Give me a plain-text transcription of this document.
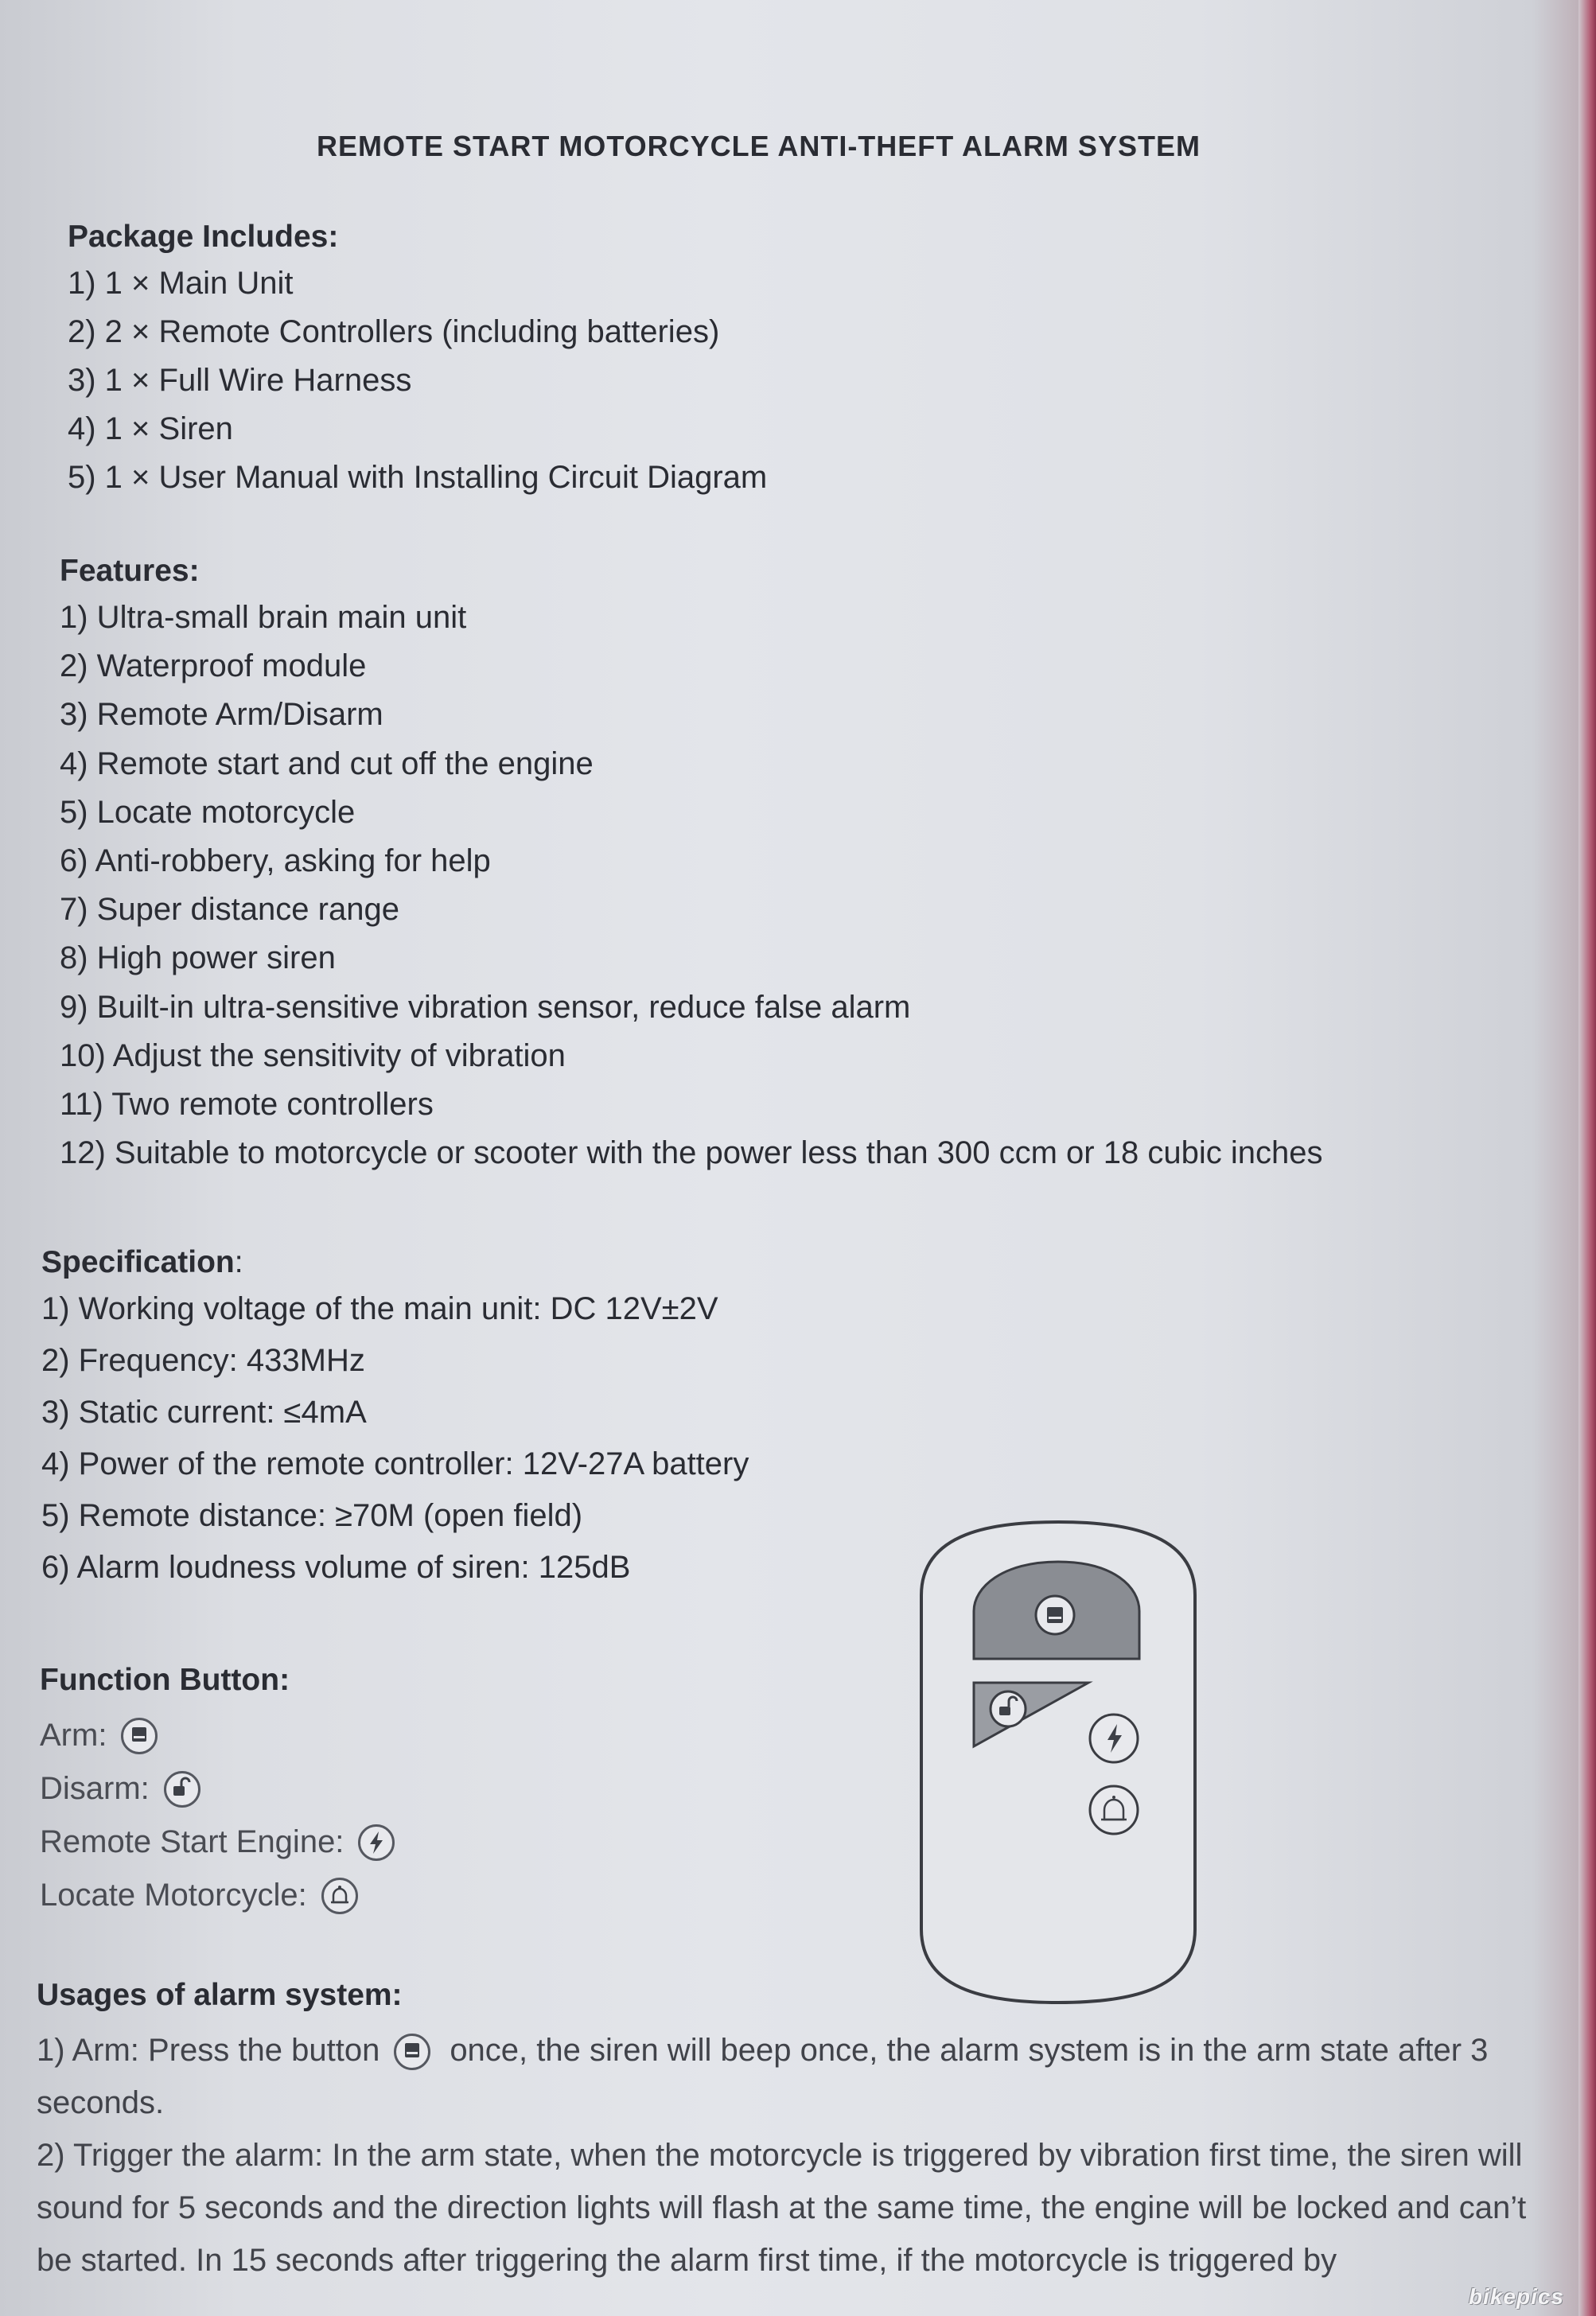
REMOTE START MOTORCYCLE ANTI-THEFT ALARM SYSTEM
Package Includes:
1) 1 × Main Unit
2) 2 × Remote Controllers (including batteries)
3) 1 × Full Wire Harness
4) 1 × Siren
5) 1 × User Manual with Installing Circuit Diagram
Features:
1) Ultra-small brain main unit
2) Waterproof module
3) Remote Arm/Disarm
4) Remote start and cut off the engine
5) Locate motorcycle
6) Anti-robbery, asking for help
7) Super distance range
8) High power siren
9) Built-in ultra-sensitive vibration sensor, reduce false alarm
10) Adjust the sensitivity of vibration
11) Two remote controllers
12) Suitable to motorcycle or scooter with the power less than 300 ccm or 18 cubic inches
Specification:
1) Working voltage of the main unit: DC 12V±2V
2) Frequency: 433MHz
3) Static current: ≤4mA
4) Power of the remote controller: 12V-27A battery
5) Remote distance: ≥70M (open field)
6) Alarm loudness volume of siren: 125dB
Function Button:
Arm:
Disarm:
Remote Start Engine:
Locate Motorcycle:
Usages of alarm system:

1) Arm: Press the button once, the siren will beep once, the alarm system is in the arm state after 3 seconds.

2) Trigger the alarm: In the arm state, when the motorcycle is triggered by vibration first time, the siren will sound for 5 seconds and the direction lights will flash at the same time, the engine will be locked and can’t be started. In 15 seconds after triggering the alarm first time, if the motorcycle is triggered by

bikepics
